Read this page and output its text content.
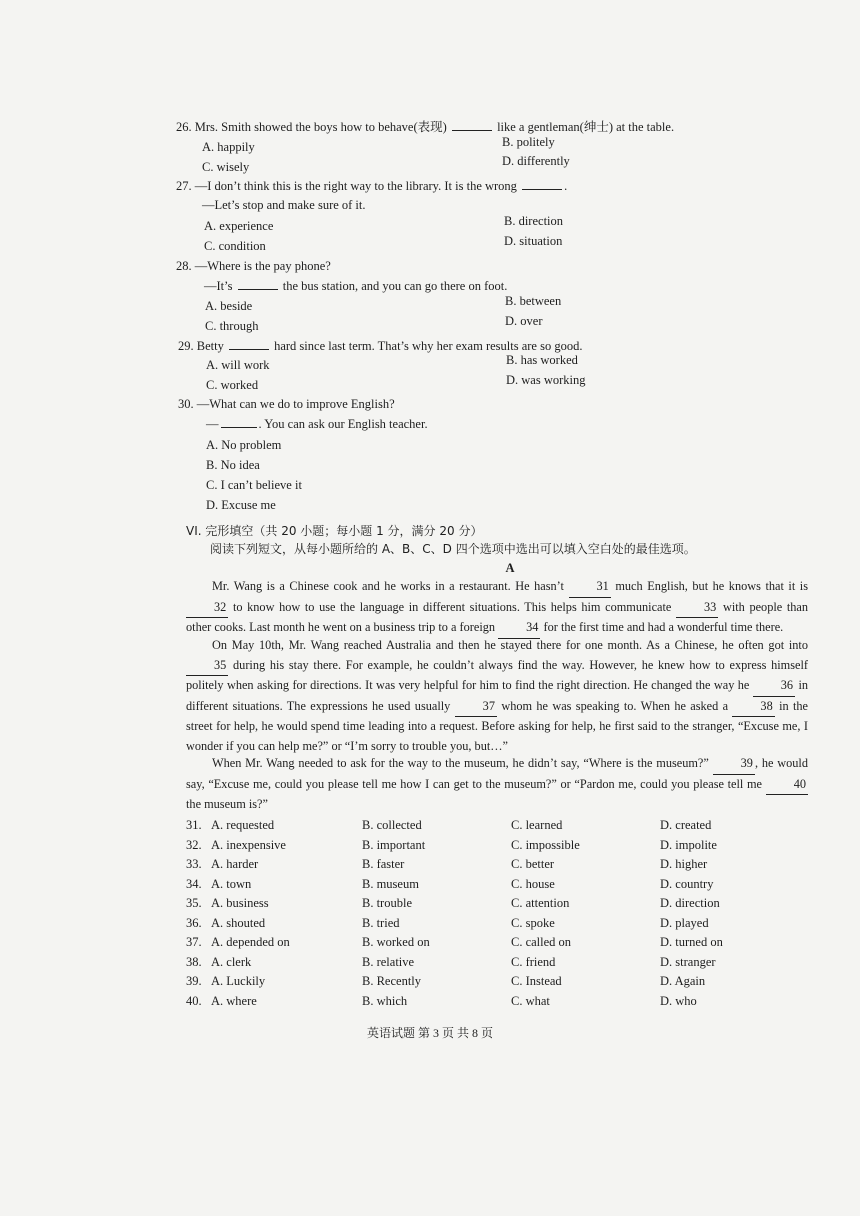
26. Mrs. Smith showed the boys how to behave(表现)	like a gentleman(绅士) at the table.
A. happily	B. politely
C. wisely	D. differently
27. —I don’t think this is the right way to the library. It is the wrong	.
—Let’s stop and make sure of it.
A. experience	B. direction
C. condition	D. situation
28. —Where is the pay phone?
—It’s	the bus station, and you can go there on foot.
A. beside	B. between
C. through	D. over
29. Betty	hard since last term. That’s why her exam results are so good.
A. will work	B. has worked
C. worked	D. was working
30. —What can we do to improve English?
—	. You can ask our English teacher.
A. No problem
B. No idea
C. I can’t believe it
D. Excuse me
VI. 完形填空（共 20 小题；每小题 1 分，满分 20 分）
阅读下列短文，从每小题所给的 A、B、C、D 四个选项中选出可以填入空白处的最佳选项。
A
Mr. Wang is a Chinese cook and he works in a restaurant. He hasn’t	31 much English, but he knows that it is 32 to know how to use the language in different situations. This helps him communicate	33 with people than other cooks. Last month he went on a business trip to a foreign	34 for the first time and had a wonderful time there.
On May 10th, Mr. Wang reached Australia and then he stayed there for one month. As a Chinese, he often got into 35 during his stay there. For example, he couldn’t always find the way. However, he knew how to express himself politely when asking for directions. It was very helpful for him to find the right direction. He changed the way he	36 in different situations. The expressions he used usually	37 whom he was speaking to. When he asked a	38 in the street for help, he would spend time leading into a request. Before asking for help, he first said to the stranger, “Excuse me, I wonder if you can help me?” or “I’m sorry to trouble you, but…”
When Mr. Wang needed to ask for the way to the museum, he didn’t say, “Where is the museum?”	39 , he would say, “Excuse me, could you please tell me how I can get to the museum?” or “Pardon me, could you please tell me	40 the museum is?”
31. A. requested	B. collected	C. learned	D. created
32. A. inexpensive	B. important	C. impossible	D. impolite
33. A. harder	B. faster	C. better	D. higher
34. A. town	B. museum	C. house	D. country
35. A. business	B. trouble	C. attention	D. direction
36. A. shouted	B. tried	C. spoke	D. played
37. A. depended on	B. worked on	C. called on	D. turned on
38. A. clerk	B. relative	C. friend	D. stranger
39. A. Luckily	B. Recently	C. Instead	D. Again
40. A. where	B. which	C. what	D. who
英语试题 第 3 页 共 8 页
